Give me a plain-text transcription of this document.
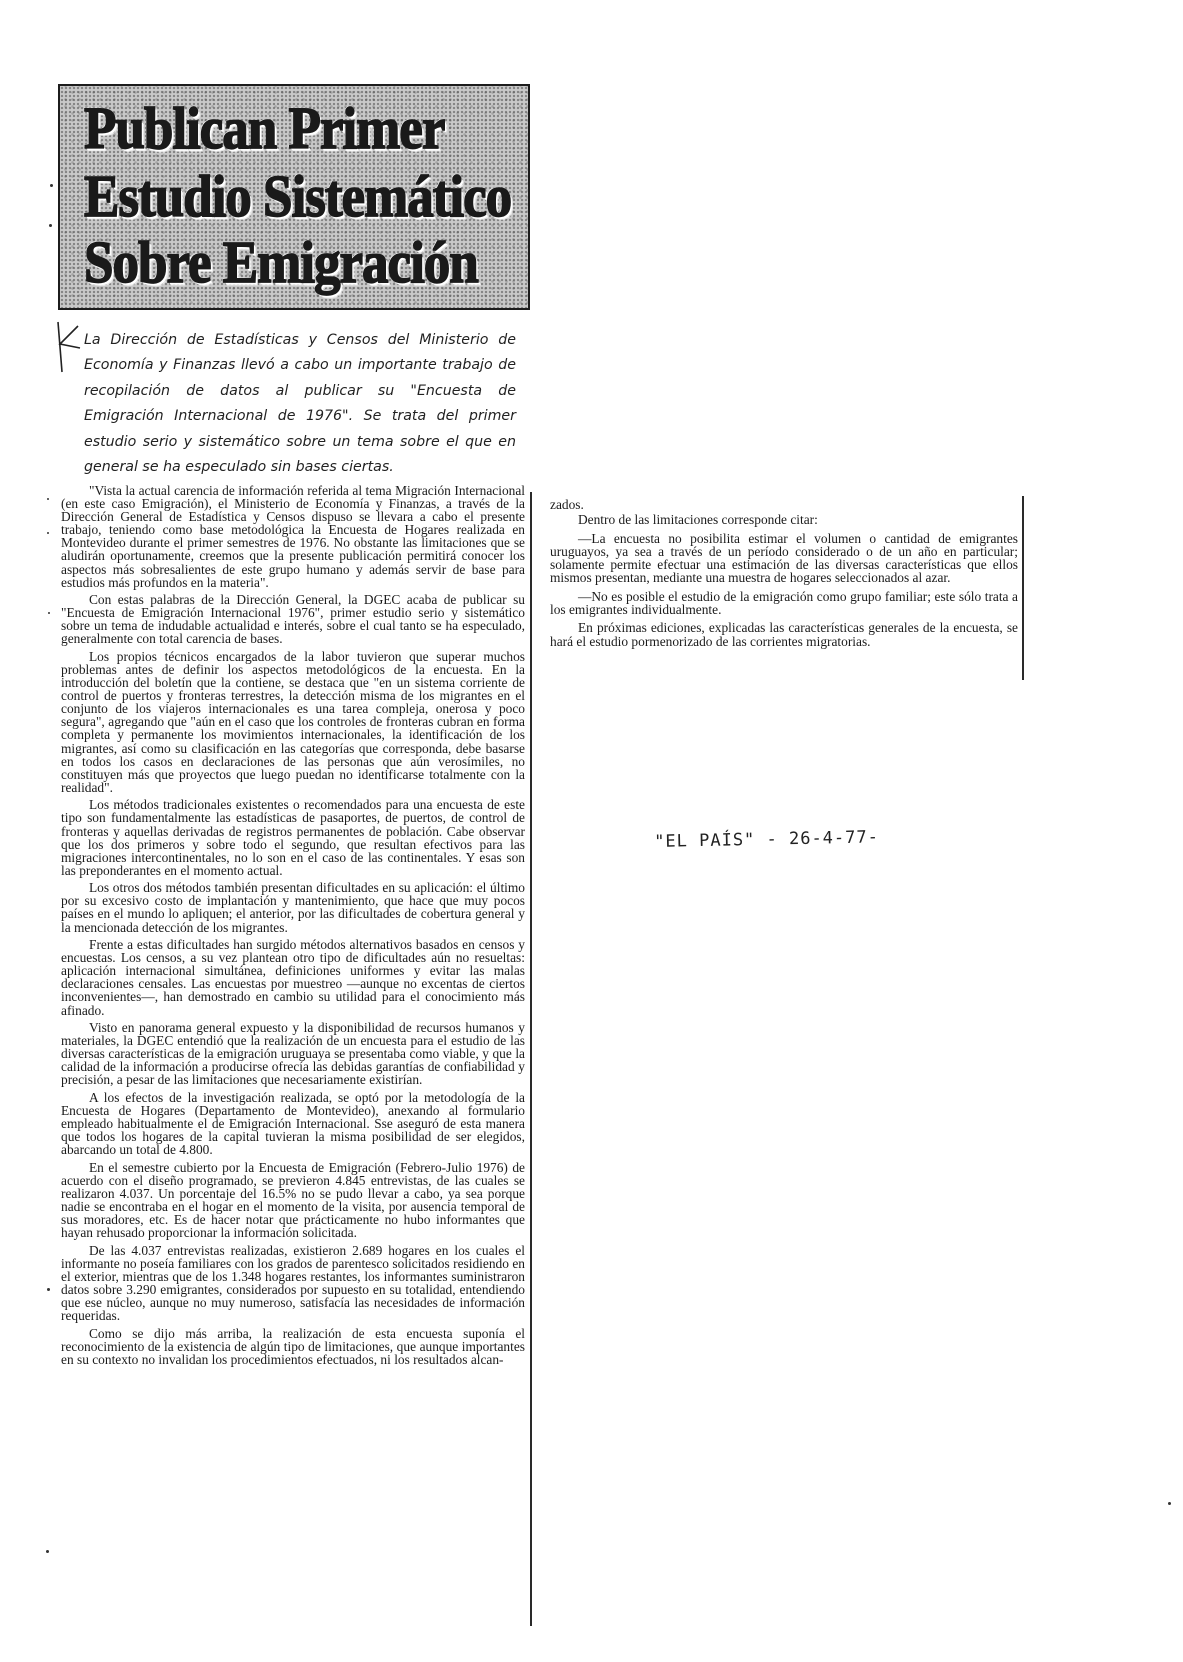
Publican Primer
Estudio Sistemático
Sobre Emigración

La Dirección de Estadísticas y Censos del Ministerio de Economía y Finanzas llevó a cabo un importante trabajo de recopilación de datos al publicar su "Encuesta de Emigración Internacional de 1976". Se trata del primer estudio serio y sistemático sobre un tema sobre el que en general se ha especulado sin bases ciertas.

"Vista la actual carencia de información referida al tema Migración Internacional (en este caso Emigración), el Ministerio de Economía y Finanzas, a través de la Dirección General de Estadística y Censos dispuso se llevara a cabo el presente trabajo, teniendo como base metodológica la Encuesta de Hogares realizada en Montevideo durante el primer semestres de 1976. No obstante las limitaciones que se aludirán oportunamente, creemos que la presente publicación permitirá conocer los aspectos más sobresalientes de este grupo humano y además servir de base para estudios más profundos en la materia".

Con estas palabras de la Dirección General, la DGEC acaba de publicar su "Encuesta de Emigración Internacional 1976", primer estudio serio y sistemático sobre un tema de indudable actualidad e interés, sobre el cual tanto se ha especulado, generalmente con total carencia de bases.

Los propios técnicos encargados de la labor tuvieron que superar muchos problemas antes de definir los aspectos metodológicos de la encuesta. En la introducción del boletín que la contiene, se destaca que "en un sistema corriente de control de puertos y fronteras terrestres, la detección misma de los migrantes en el conjunto de los viajeros internacionales es una tarea compleja, onerosa y poco segura", agregando que "aún en el caso que los controles de fronteras cubran en forma completa y permanente los movimientos internacionales, la identificación de los migrantes, así como su clasificación en las categorías que corresponda, debe basarse en todos los casos en declaraciones de las personas que aún verosímiles, no constituyen más que proyectos que luego puedan no identificarse totalmente con la realidad".

Los métodos tradicionales existentes o recomendados para una encuesta de este tipo son fundamentalmente las estadísticas de pasaportes, de puertos, de control de fronteras y aquellas derivadas de registros permanentes de población. Cabe observar que los dos primeros y sobre todo el segundo, que resultan efectivos para las migraciones intercontinentales, no lo son en el caso de las continentales. Y esas son las preponderantes en el momento actual.

Los otros dos métodos también presentan dificultades en su aplicación: el último por su excesivo costo de implantación y mantenimiento, que hace que muy pocos países en el mundo lo apliquen; el anterior, por las dificultades de cobertura general y la mencionada detección de los migrantes.

Frente a estas dificultades han surgido métodos alternativos basados en censos y encuestas. Los censos, a su vez plantean otro tipo de dificultades aún no resueltas: aplicación internacional simultánea, definiciones uniformes y evitar las malas declaraciones censales. Las encuestas por muestreo —aunque no excentas de ciertos inconvenientes—, han demostrado en cambio su utilidad para el conocimiento más afinado.

Visto en panorama general expuesto y la disponibilidad de recursos humanos y materiales, la DGEC entendió que la realización de un encuesta para el estudio de las diversas características de la emigración uruguaya se presentaba como viable, y que la calidad de la información a producirse ofrecía las debidas garantías de confiabilidad y precisión, a pesar de las limitaciones que necesariamente existirían.

A los efectos de la investigación realizada, se optó por la metodología de la Encuesta de Hogares (Departamento de Montevideo), anexando al formulario empleado habitualmente el de Emigración Internacional. Sse aseguró de esta manera que todos los hogares de la capital tuvieran la misma posibilidad de ser elegidos, abarcando un total de 4.800.

En el semestre cubierto por la Encuesta de Emigración (Febrero-Julio 1976) de acuerdo con el diseño programado, se previeron 4.845 entrevistas, de las cuales se realizaron 4.037. Un porcentaje del 16.5% no se pudo llevar a cabo, ya sea porque nadie se encontraba en el hogar en el momento de la visita, por ausencia temporal de sus moradores, etc. Es de hacer notar que prácticamente no hubo informantes que hayan rehusado proporcionar la información solicitada.

De las 4.037 entrevistas realizadas, existieron 2.689 hogares en los cuales el informante no poseía familiares con los grados de parentesco solicitados residiendo en el exterior, mientras que de los 1.348 hogares restantes, los informantes suministraron datos sobre 3.290 emigrantes, considerados por supuesto en su totalidad, entendiendo que ese núcleo, aunque no muy numeroso, satisfacía las necesidades de información requeridas.

Como se dijo más arriba, la realización de esta encuesta suponía el reconocimiento de la existencia de algún tipo de limitaciones, que aunque importantes en su contexto no invalidan los procedimientos efectuados, ni los resultados alcan-

zados.

Dentro de las limitaciones corresponde citar:

—La encuesta no posibilita estimar el volumen o cantidad de emigrantes uruguayos, ya sea a través de un período considerado o de un año en particular; solamente permite efectuar una estimación de las diversas características que ellos mismos presentan, mediante una muestra de hogares seleccionados al azar.

—No es posible el estudio de la emigración como grupo familiar; este sólo trata a los emigrantes individualmente.

En próximas ediciones, explicadas las características generales de la encuesta, se hará el estudio pormenorizado de las corrientes migratorias.

"EL PAÍS" - 26-4-77-
